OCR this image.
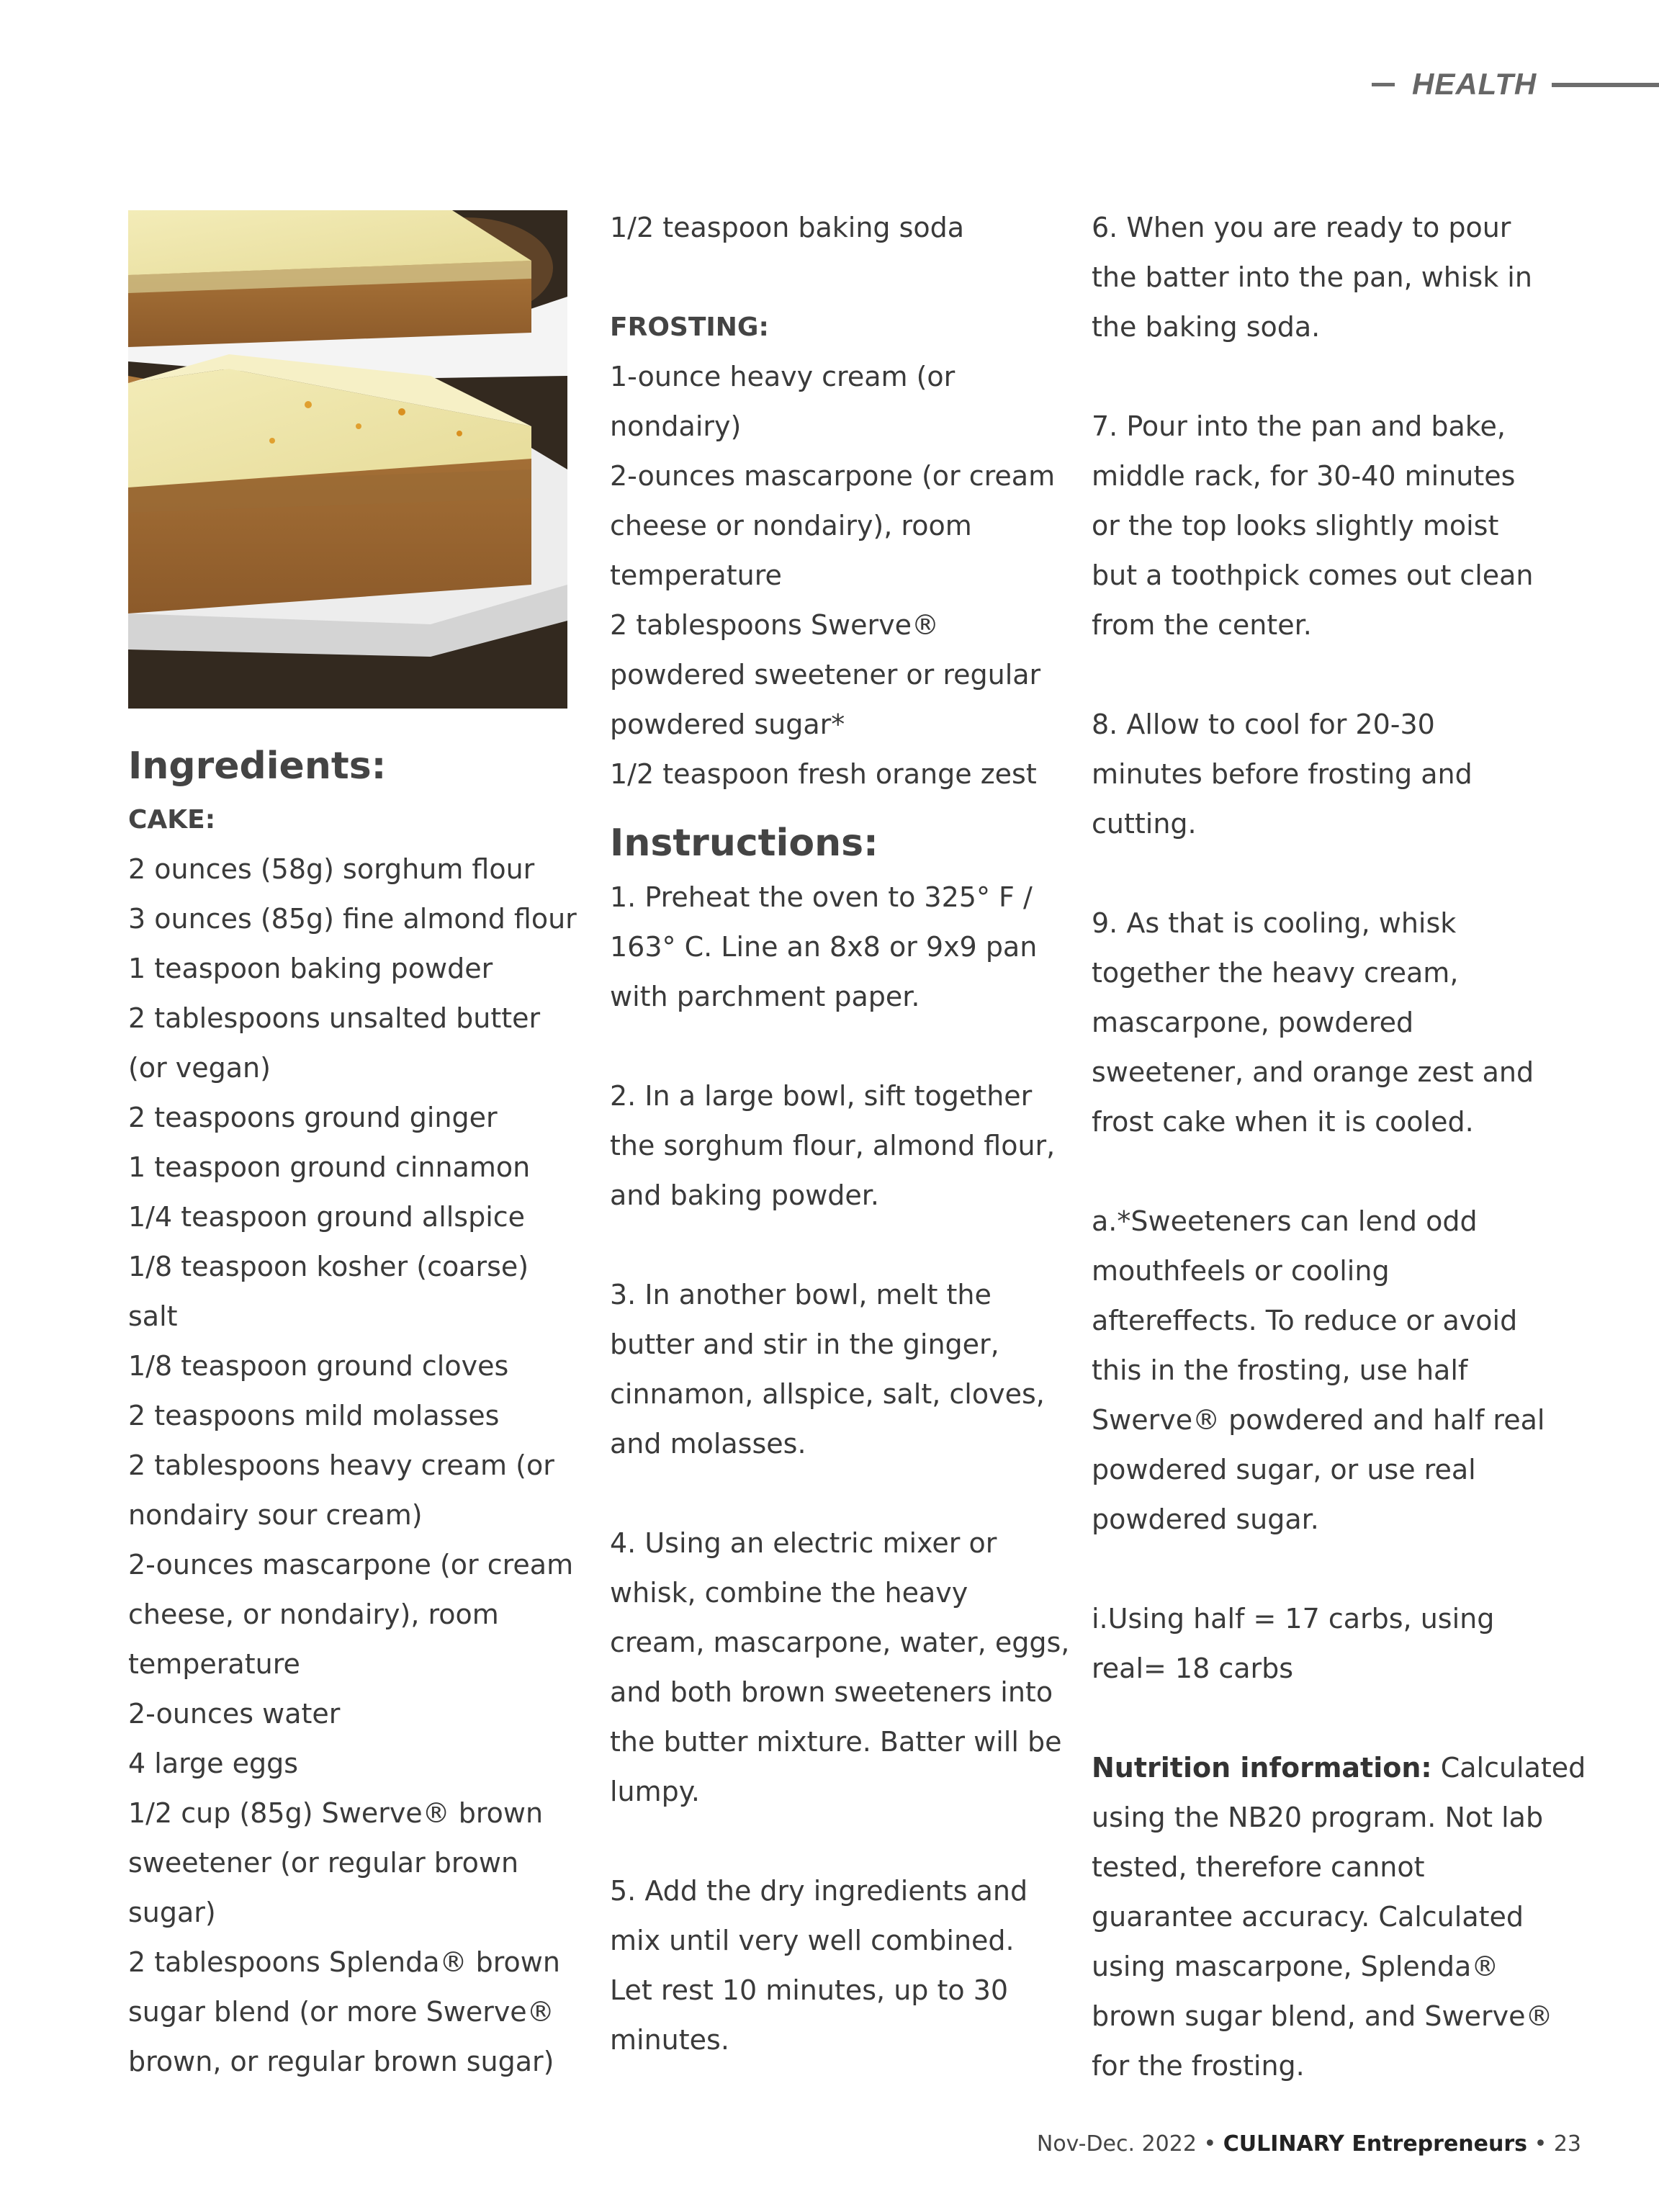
HEALTH
Ingredients:
CAKE:
2 ounces (58g) sorghum flour
3 ounces (85g) fine almond flour
1 teaspoon baking powder
2 tablespoons unsalted butter
(or vegan)
2 teaspoons ground ginger
1 teaspoon ground cinnamon
1/4 teaspoon ground allspice
1/8 teaspoon kosher (coarse)
salt
1/8 teaspoon ground cloves
2 teaspoons mild molasses
2 tablespoons heavy cream (or
nondairy sour cream)
2-ounces mascarpone (or cream
cheese, or nondairy), room
temperature
2-ounces water
4 large eggs
1/2 cup (85g) Swerve® brown
sweetener (or regular brown
sugar)
2 tablespoons Splenda® brown
sugar blend (or more Swerve®
brown, or regular brown sugar)
1/2 teaspoon baking soda
FROSTING:
1-ounce heavy cream (or
nondairy)
2-ounces mascarpone (or cream
cheese or nondairy), room
temperature
2 tablespoons Swerve®
powdered sweetener or regular
powdered sugar*
1/2 teaspoon fresh orange zest
Instructions:
1. Preheat the oven to 325° F /
163° C. Line an 8x8 or 9x9 pan
with parchment paper.
2. In a large bowl, sift together
the sorghum flour, almond flour,
and baking powder.
3. In another bowl, melt the
butter and stir in the ginger,
cinnamon, allspice, salt, cloves,
and molasses.
4. Using an electric mixer or
whisk, combine the heavy
cream, mascarpone, water, eggs,
and both brown sweeteners into
the butter mixture. Batter will be
lumpy.
5. Add the dry ingredients and
mix until very well combined.
Let rest 10 minutes, up to 30
minutes.
6. When you are ready to pour
the batter into the pan, whisk in
the baking soda.
7. Pour into the pan and bake,
middle rack, for 30-40 minutes
or the top looks slightly moist
but a toothpick comes out clean
from the center.
8. Allow to cool for 20-30
minutes before frosting and
cutting.
9. As that is cooling, whisk
together the heavy cream,
mascarpone, powdered
sweetener, and orange zest and
frost cake when it is cooled.
a.*Sweeteners can lend odd
mouthfeels or cooling
aftereffects. To reduce or avoid
this in the frosting, use half
Swerve® powdered and half real
powdered sugar, or use real
powdered sugar.
i.Using half = 17 carbs, using
real= 18 carbs
Nutrition information: Calculated
using the NB20 program. Not lab
tested, therefore cannot
guarantee accuracy. Calculated
using mascarpone, Splenda®
brown sugar blend, and Swerve®
for the frosting.
Nov-Dec. 2022 • CULINARY Entrepreneurs • 23
